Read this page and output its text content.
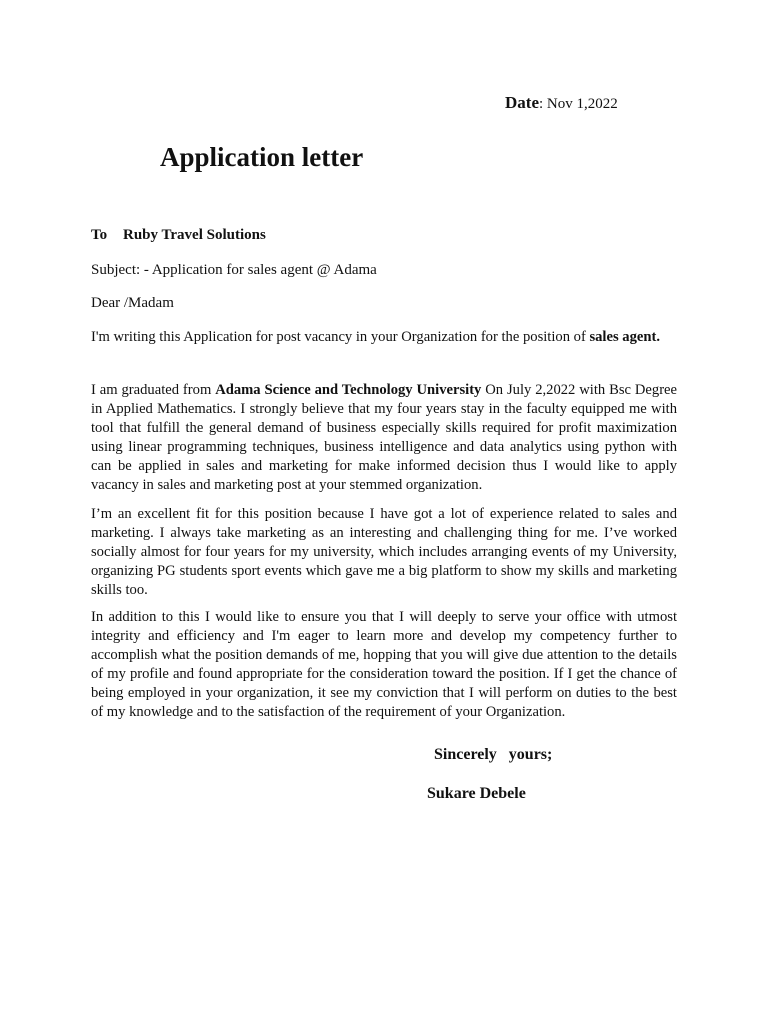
Date: Nov 1,2022
Application letter
To Ruby Travel Solutions
Subject: - Application for sales agent @ Adama
Dear /Madam

I'm writing this Application for post vacancy in your Organization for the position of sales agent.

I am graduated from Adama Science and Technology University On July 2,2022 with Bsc Degree in Applied Mathematics. I strongly believe that my four years stay in the faculty equipped me with tool that fulfill the general demand of business especially skills required for profit maximization using linear programming techniques, business intelligence and data analytics using python with can be applied in sales and marketing for make informed decision thus I would like to apply vacancy in sales and marketing post at your stemmed organization.

I’m an excellent fit for this position because I have got a lot of experience related to sales and marketing. I always take marketing as an interesting and challenging thing for me. I’ve worked socially almost for four years for my university, which includes arranging events of my University, organizing PG students sport events which gave me a big platform to show my skills and marketing skills too.

In addition to this I would like to ensure you that I will deeply to serve your office with utmost integrity and efficiency and I'm eager to learn more and develop my competency further to accomplish what the position demands of me, hopping that you will give due attention to the details of my profile and found appropriate for the consideration toward the position. If I get the chance of being employed in your organization, it see my conviction that I will perform on duties to the best of my knowledge and to the satisfaction of the requirement of your Organization.

Sincerely   yours;
Sukare Debele
